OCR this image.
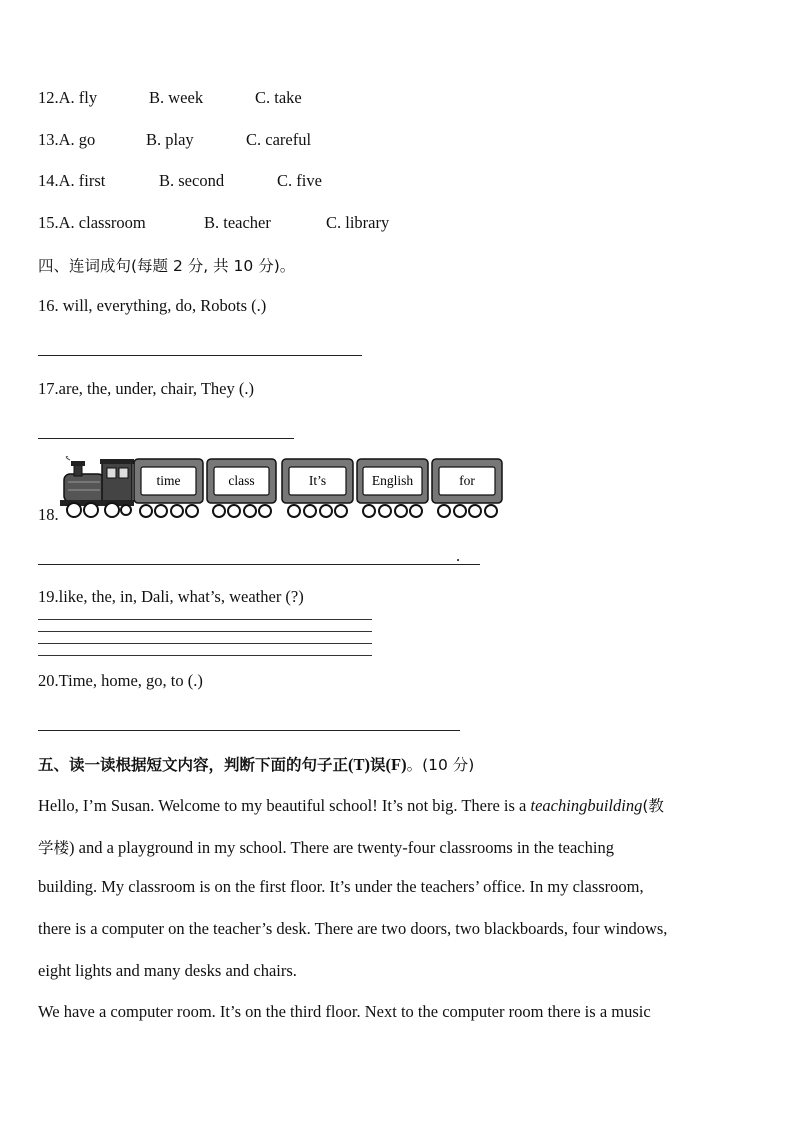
12.A. fly	B. week	C. take
13.A. go	B. play	C. careful
14.A. first	B. second	C. five
15.A. classroom	B. teacher	C. library
四、连词成句(每题 2 分, 共 10 分)。
16. will, everything, do, Robots (.)
17.are, the, under, chair, They (.)
18.
time	class	It’s	English	for
.
19.like, the, in, Dali, what’s, weather (?)
20.Time, home, go, to (.)
五、读一读根据短文内容，判断下面的句子正(T)误(F)。(10 分)
Hello, I’m Susan. Welcome to my beautiful school! It’s not big. There is a teachingbuilding(教
学楼) and a playground in my school. There are twenty-four classrooms in the teaching
building. My classroom is on the first floor. It’s under the teachers’ office. In my classroom,
there is a computer on the teacher’s desk. There are two doors, two blackboards, four windows,
eight lights and many desks and chairs.
We have a computer room. It’s on the third floor. Next to the computer room there is a music
